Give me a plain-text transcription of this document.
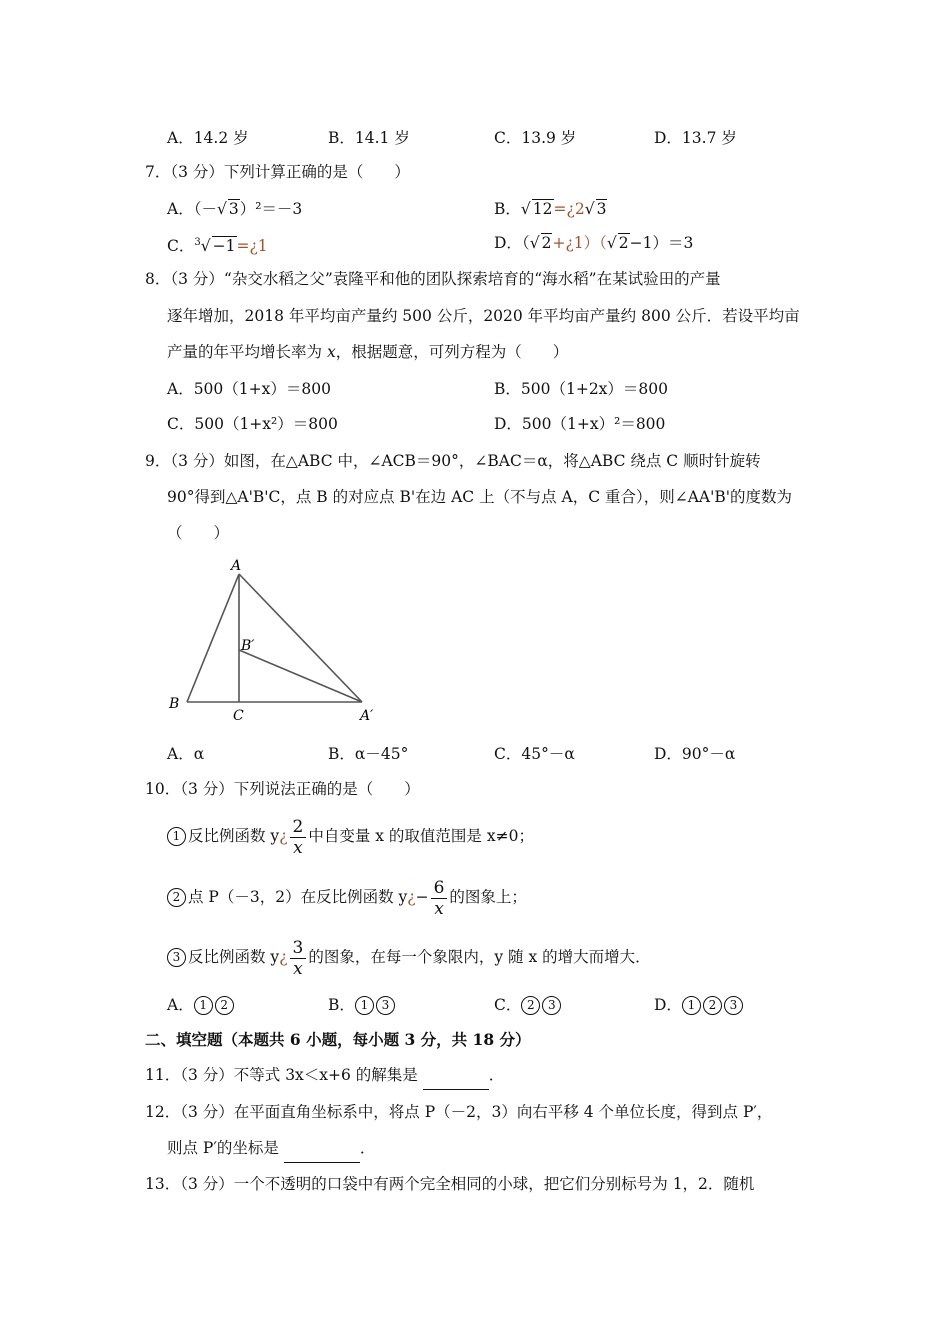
A．14.2 岁	B．14.1 岁	C．13.9 岁	D．13.7 岁
7．（3 分）下列计算正确的是（　　）
A．（－√ 3）²＝－3	B．√ 12=¿2√ 3
C．$^3$√ −1=¿1	D．（√ 2+¿1）（√ 2−1）＝3
8．（3 分）“杂交水稻之父”袁隆平和他的团队探索培育的“海水稻”在某试验田的产量
逐年增加，2018 年平均亩产量约 500 公斤，2020 年平均亩产量约 800 公斤．若设平均亩
产量的年平均增长率为 x，根据题意，可列方程为（　　）
A．500（1+x）＝800	B．500（1+2x）＝800
C．500（1+x²）＝800	D．500（1+x）²＝800
9．（3 分）如图，在△ABC 中，∠ACB＝90°，∠BAC＝α，将△ABC 绕点 C 顺时针旋转
90°得到△A'B'C，点 B 的对应点 B'在边 AC 上（不与点 A，C 重合），则∠AA'B'的度数为
（　　）
A
B
C
B′
A′
A．α	B．α－45°	C．45°－α	D．90°－α
10．（3 分）下列说法正确的是（　　）
1 反比例函数 y¿ $\frac{2}{x}$ 中自变量 x 的取值范围是 x≠0；
2 点 P（－3，2）在反比例函数 y¿− $\frac{6}{x}$ 的图象上；
3 反比例函数 y¿ $\frac{3}{x}$ 的图象，在每一个象限内，y 随 x 的增大而增大．
A． 1 2	B． 1 3	C． 2 3	D． 1 2 3
二、填空题（本题共 6 小题，每小题 3 分，共 18 分）
11．（3 分）不等式 3x＜x+6 的解集是	．
12．（3 分）在平面直角坐标系中，将点 P（－2，3）向右平移 4 个单位长度，得到点 P′，
则点 P′的坐标是	．
13．（3 分）一个不透明的口袋中有两个完全相同的小球，把它们分别标号为 1，2．随机
